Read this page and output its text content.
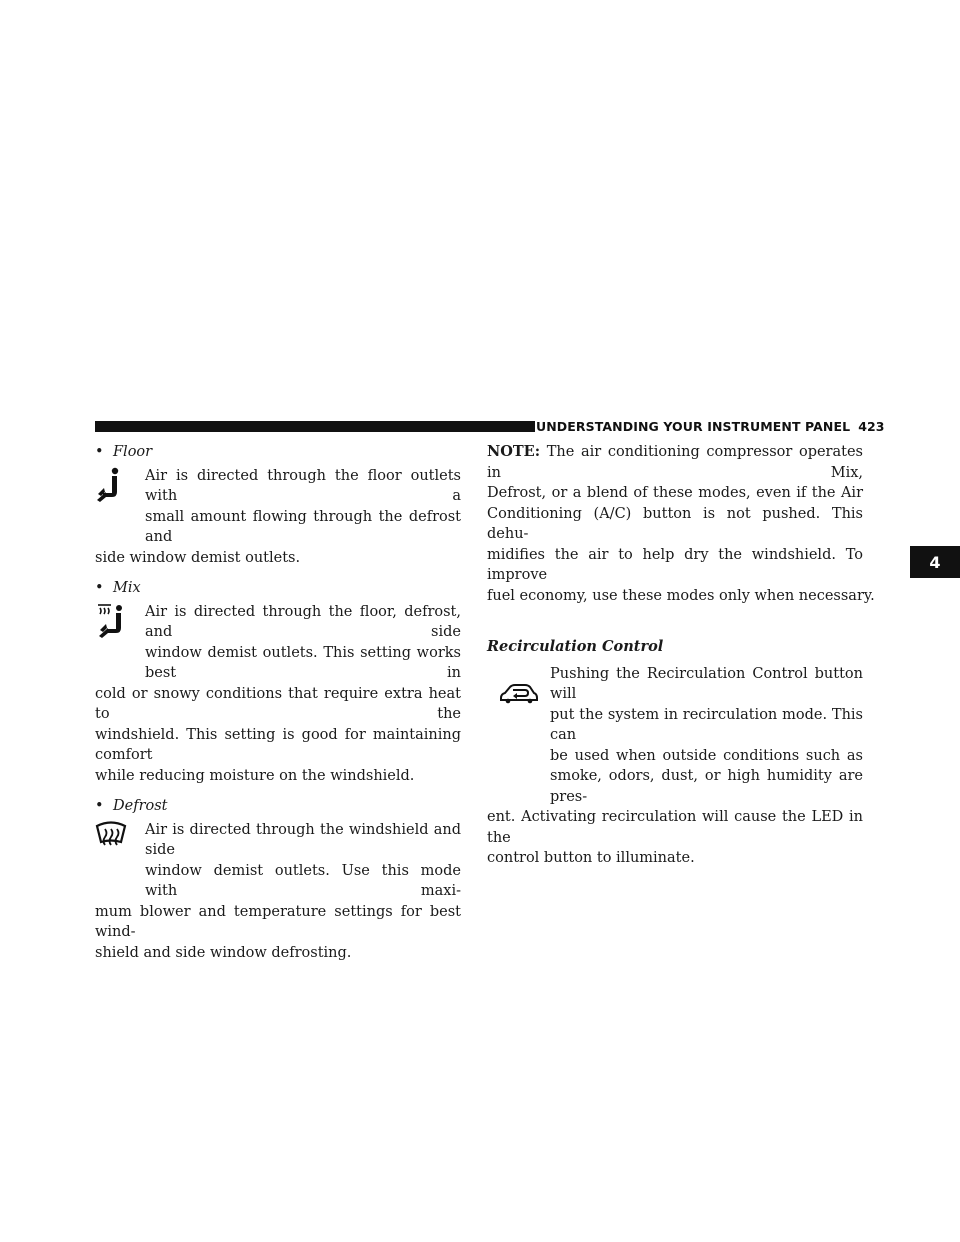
UNDERSTANDING YOUR INSTRUMENT PANEL 423
4
• Floor
Air is directed through the floor outlets with a
small amount flowing through the defrost and
side window demist outlets.
• Mix
Air is directed through the floor, defrost, and side
window demist outlets. This setting works best in
cold or snowy conditions that require extra heat to the
windshield. This setting is good for maintaining comfort
while reducing moisture on the windshield.
• Defrost
Air is directed through the windshield and side
window demist outlets. Use this mode with maxi-
mum blower and temperature settings for best wind-
shield and side window defrosting.
NOTE: The air conditioning compressor operates in Mix,
Defrost, or a blend of these modes, even if the Air
Conditioning (A/C) button is not pushed. This dehu-
midifies the air to help dry the windshield. To improve
fuel economy, use these modes only when necessary.
Recirculation Control
Pushing the Recirculation Control button will
put the system in recirculation mode. This can
be used when outside conditions such as
smoke, odors, dust, or high humidity are pres-
ent. Activating recirculation will cause the LED in the
control button to illuminate.
